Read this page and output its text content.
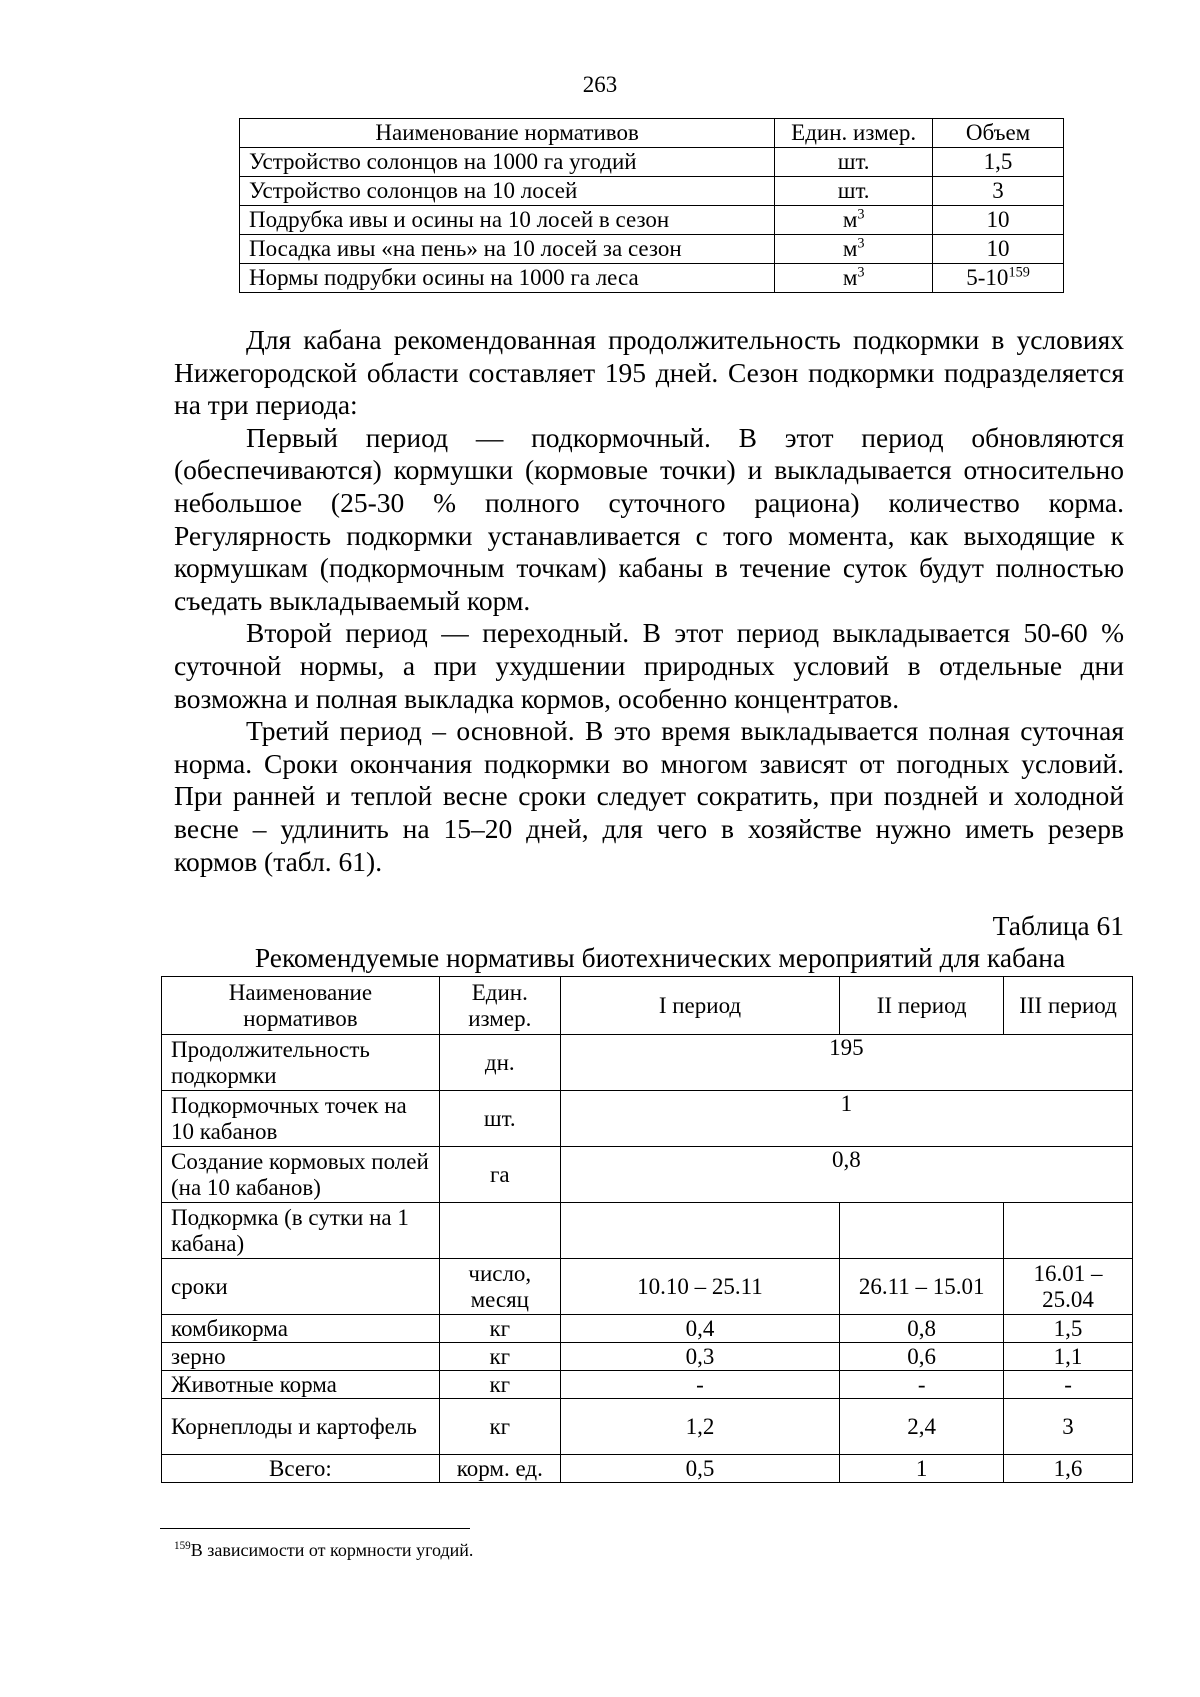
263
Наименование нормативов	Един. измер.	Объем
Устройство солонцов на 1000 га угодий	шт.	1,5
Устройство солонцов на 10 лосей	шт.	3
Подрубка ивы и осины на 10 лосей в сезон	$м^3$	10
Посадка ивы «на пень» на 10 лосей за сезон	$м^3$	10
Нормы подрубки осины на 1000 га леса	$м^3$	$5-10^{159}$

Для кабана рекомендованная продолжительность подкормки в условиях Нижегородской области составляет 195 дней. Сезон подкормки подразделяется на три периода:

Первый период — подкормочный. В этот период обновляются (обеспечиваются) кормушки (кормовые точки) и выкладывается относительно небольшое (25-30 % полного суточного рациона) количество корма. Регулярность подкормки устанавливается с того момента, как выходящие к кормушкам (подкормочным точкам) кабаны в течение суток будут полностью съедать выкладываемый корм.

Второй период — переходный. В этот период выкладывается 50-60 % суточной нормы, а при ухудшении природных условий в отдельные дни возможна и полная выкладка кормов, особенно концентратов.

Третий период – основной. В это время выкладывается полная суточная норма. Сроки окончания подкормки во многом зависят от погодных условий. При ранней и теплой весне сроки следует сократить, при поздней и холодной весне – удлинить на 15–20 дней, для чего в хозяйстве нужно иметь резерв кормов (табл. 61).

Таблица 61
Рекомендуемые нормативы биотехнических мероприятий для кабана
Наименование нормативов	Един. измер.	I период	II период	III период
Продолжительность подкормки	дн.	195		
Подкормочных точек на 10 кабанов	шт.	1		
Создание кормовых полей (на 10 кабанов)	га	0,8		
Подкормка (в сутки на 1 кабана)				
сроки	число, месяц	10.10 – 25.11	26.11 – 15.01	16.01 – 25.04
комбикорма	кг	0,4	0,8	1,5
зерно	кг	0,3	0,6	1,1
Животные корма	кг	-	-	-
Корнеплоды и картофель	кг	1,2	2,4	3
Всего:	корм. ед.	0,5	1	1,6
$^{159}$В зависимости от кормности угодий.
